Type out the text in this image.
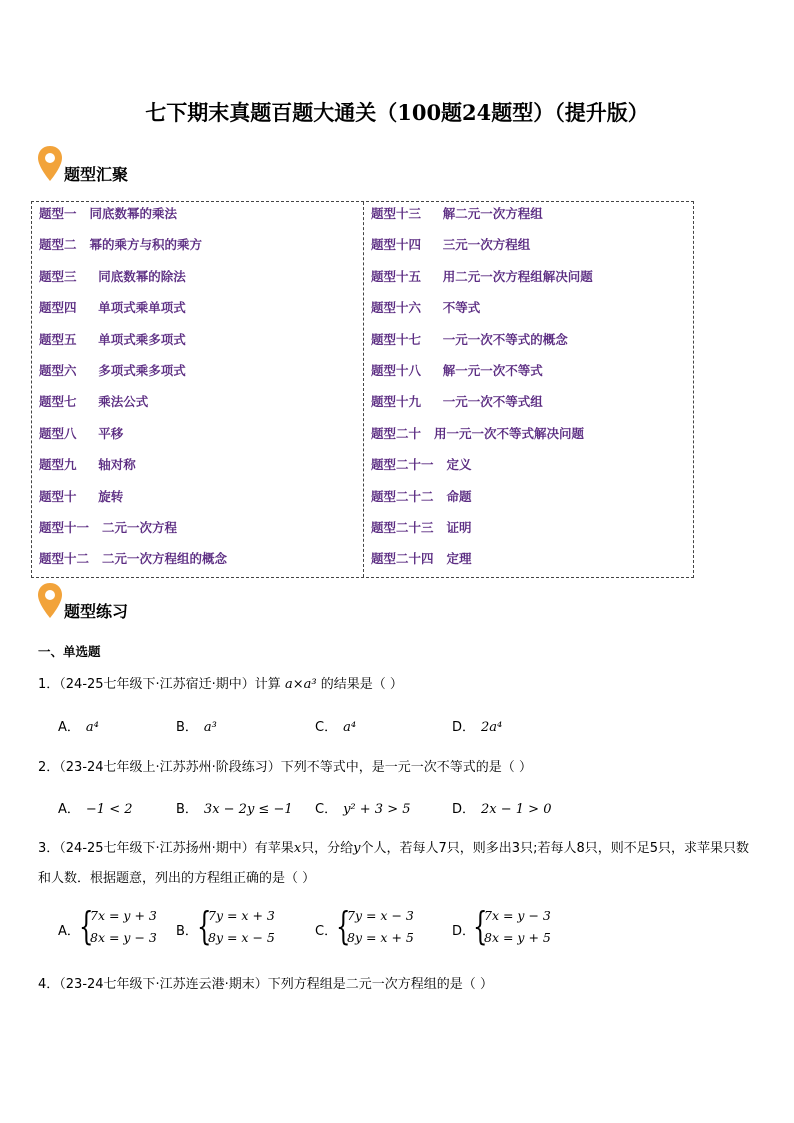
七下期末真题百题大通关（100题24题型）（提升版）
题型汇聚
题型一   同底数幂的乘法
题型二   幂的乘方与积的乘方
题型三     同底数幂的除法
题型四     单项式乘单项式
题型五     单项式乘多项式
题型六     多项式乘多项式
题型七     乘法公式
题型八     平移
题型九     轴对称
题型十     旋转
题型十一   二元一次方程
题型十二   二元一次方程组的概念
题型十三     解二元一次方程组
题型十四     三元一次方程组
题型十五     用二元一次方程组解决问题
题型十六     不等式
题型十七     一元一次不等式的概念
题型十八     解一元一次不等式
题型十九     一元一次不等式组
题型二十   用一元一次不等式解决问题
题型二十一   定义
题型二十二   命题
题型二十三   证明
题型二十四   定理
题型练习
一、单选题
1．（24-25七年级下·江苏宿迁·期中）计算 a×a³ 的结果是（ ）
A． a⁴	B． a³	C． a⁴	D． 2a⁴
2．（23-24七年级上·江苏苏州·阶段练习）下列不等式中，是一元一次不等式的是（ ）
A． −1 < 2	B． 3x − 2y ≤ −1 C． y² + 3 > 5	D． 2x − 1 > 0
3．（24-25七年级下·江苏扬州·期中）有苹果x只，分给y个人，若每人7只，则多出3只;若每人8只，则不足5只，求苹果只数和人数．根据题意，列出的方程组正确的是（ ）
A． {
7x = y + 3
8x = y − 3 B． {
7y = x + 3
8y = x − 5	C．
{
7y = x − 3
8y = x + 5	D．
{
7x = y − 3
8x = y + 5
4．（23-24七年级下·江苏连云港·期末）下列方程组是二元一次方程组的是（ ）
